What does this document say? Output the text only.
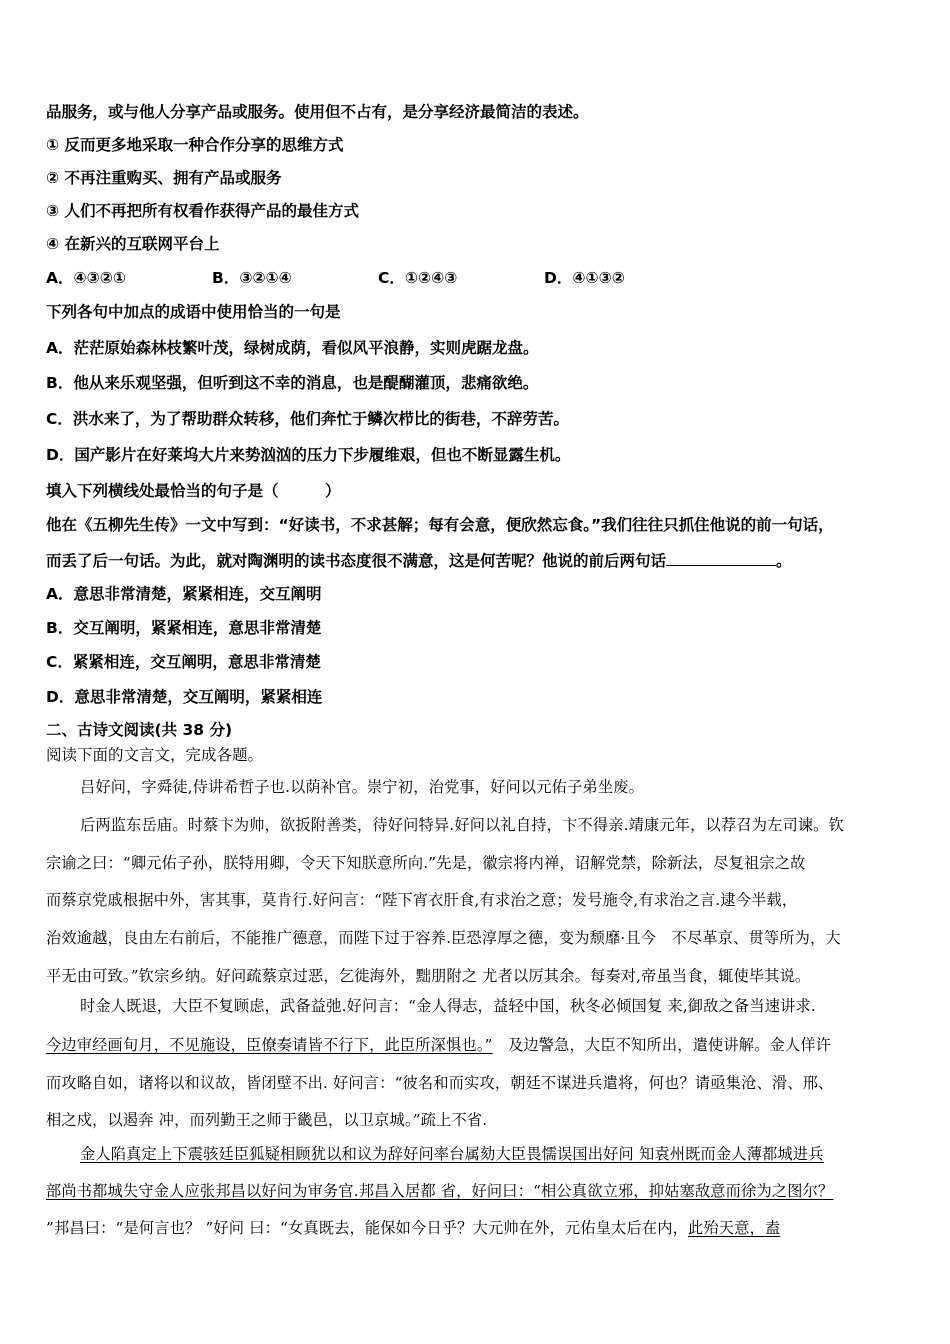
品服务，或与他人分享产品或服务。使用但不占有，是分享经济最简洁的表述。
① 反而更多地采取一种合作分享的思维方式
② 不再注重购买、拥有产品或服务
③ 人们不再把所有权看作获得产品的最佳方式
④ 在新兴的互联网平台上
A．④③②①	B．③②①④	C．①②④③	D．④①③②
下列各句中加点的成语中使用恰当的一句是
A．茫茫原始森林枝繁叶茂，绿树成荫，看似风平浪静，实则虎踞龙盘。
B．他从来乐观坚强，但听到这不幸的消息，也是醍醐灌顶，悲痛欲绝。
C．洪水来了，为了帮助群众转移，他们奔忙于鳞次栉比的街巷，不辞劳苦。
D．国产影片在好莱坞大片来势汹汹的压力下步履维艰，但也不断显露生机。
填入下列横线处最恰当的句子是（　　　）
他在《五柳先生传》一文中写到：“好读书，不求甚解；每有会意，便欣然忘食。”我们往往只抓住他说的前一句话，
而丢了后一句话。为此，就对陶渊明的读书态度很不满意，这是何苦呢？他说的前后两句话	。
A．意思非常清楚，紧紧相连，交互阐明
B．交互阐明，紧紧相连，意思非常清楚
C．紧紧相连，交互阐明，意思非常清楚
D．意思非常清楚，交互阐明，紧紧相连
二、古诗文阅读(共 38 分)
阅读下面的文言文，完成各题。
吕好问，字舜徒,侍讲希哲子也.以荫补官。崇宁初，治党事，好问以元佑子弟坐废。
后两监东岳庙。时蔡卞为帅，欲扳附善类，待好问特异.好问以礼自持，卞不得亲.靖康元年，以荐召为左司谏。钦
宗谕之曰：“卿元佑子孙，朕特用卿，令天下知朕意所向.”先是，徽宗将内禅，诏解党禁，除新法，尽复祖宗之故
而蔡京党戚根据中外，害其事，莫肯行.好问言：“陛下宵衣肝食,有求治之意；发号施令,有求治之言.逮今半载，
治效逾越，良由左右前后，不能推广德意，而陛下过于容养.臣恐淳厚之德，变为颓靡·且今　不尽革京、贯等所为，大
平无由可致。”钦宗乡纳。好问疏蔡京过恶，乞徙海外，黜朋附之 尤者以厉其余。每奏对,帝虽当食，辄使毕其说。
时金人既退，大臣不复顾虑，武备益弛.好问言：“金人得志，益轻中国，秋冬必倾国复 来,御敌之备当速讲求.
今边审经画旬月，不见施设，臣僚奏请皆不行下，此臣所深惧也。”　及边警急，大臣不知所出，遣使讲解。金人佯许
而攻略自如，诸将以和议故，皆闭壁不出. 好问言：“彼名和而实攻，朝廷不谋进兵遣将，何也？请亟集沧、滑、邢、
相之戍，以遏奔 冲，而列勤王之师于畿邑，以卫京城。”疏上不省.
金人陷真定上下震骇廷臣狐疑相顾犹以和议为辞好问率台属劾大臣畏懦误国出好问 知袁州既而金人薄都城进兵
部尚书都城失守金人应张邦昌以好问为审务官.邦昌入居都 省，好问曰：“相公真欲立邪，抑姑塞敌意而徐为之图尔？
”邦昌曰：“是何言也？ ”好问 曰：“女真既去，能保如今日乎？大元帅在外，元佑皇太后在内，此殆天意，盍
